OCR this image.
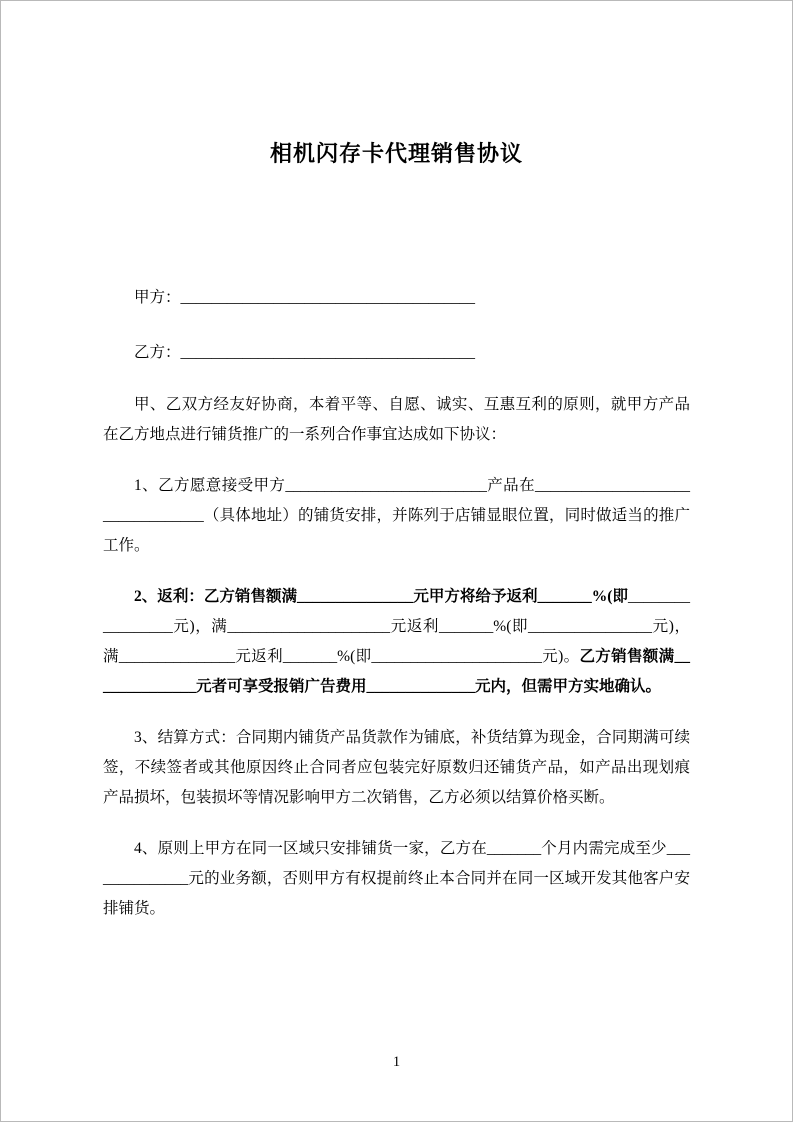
相机闪存卡代理销售协议

甲方：______________________________________

乙方：______________________________________

甲、乙双方经友好协商，本着平等、自愿、诚实、互惠互利的原则，就甲方产品在乙方地点进行铺货推广的一系列合作事宜达成如下协议：

1、乙方愿意接受甲方__________________________产品在_________________________________（具体地址）的铺货安排，并陈列于店铺显眼位置，同时做适当的推广工作。

2、返利：乙方销售额满_______________元甲方将给予返利_______%(即_________________元)，满_____________________元返利_______%(即________________元)，满_______________元返利_______%(即______________________元)。乙方销售额满______________元者可享受报销广告费用______________元内，但需甲方实地确认。

3、结算方式：合同期内铺货产品货款作为铺底，补货结算为现金，合同期满可续签，不续签者或其他原因终止合同者应包装完好原数归还铺货产品，如产品出现划痕产品损坏，包装损坏等情况影响甲方二次销售，乙方必须以结算价格买断。

4、原则上甲方在同一区域只安排铺货一家，乙方在_______个月内需完成至少______________元的业务额，否则甲方有权提前终止本合同并在同一区域开发其他客户安排铺货。

1
